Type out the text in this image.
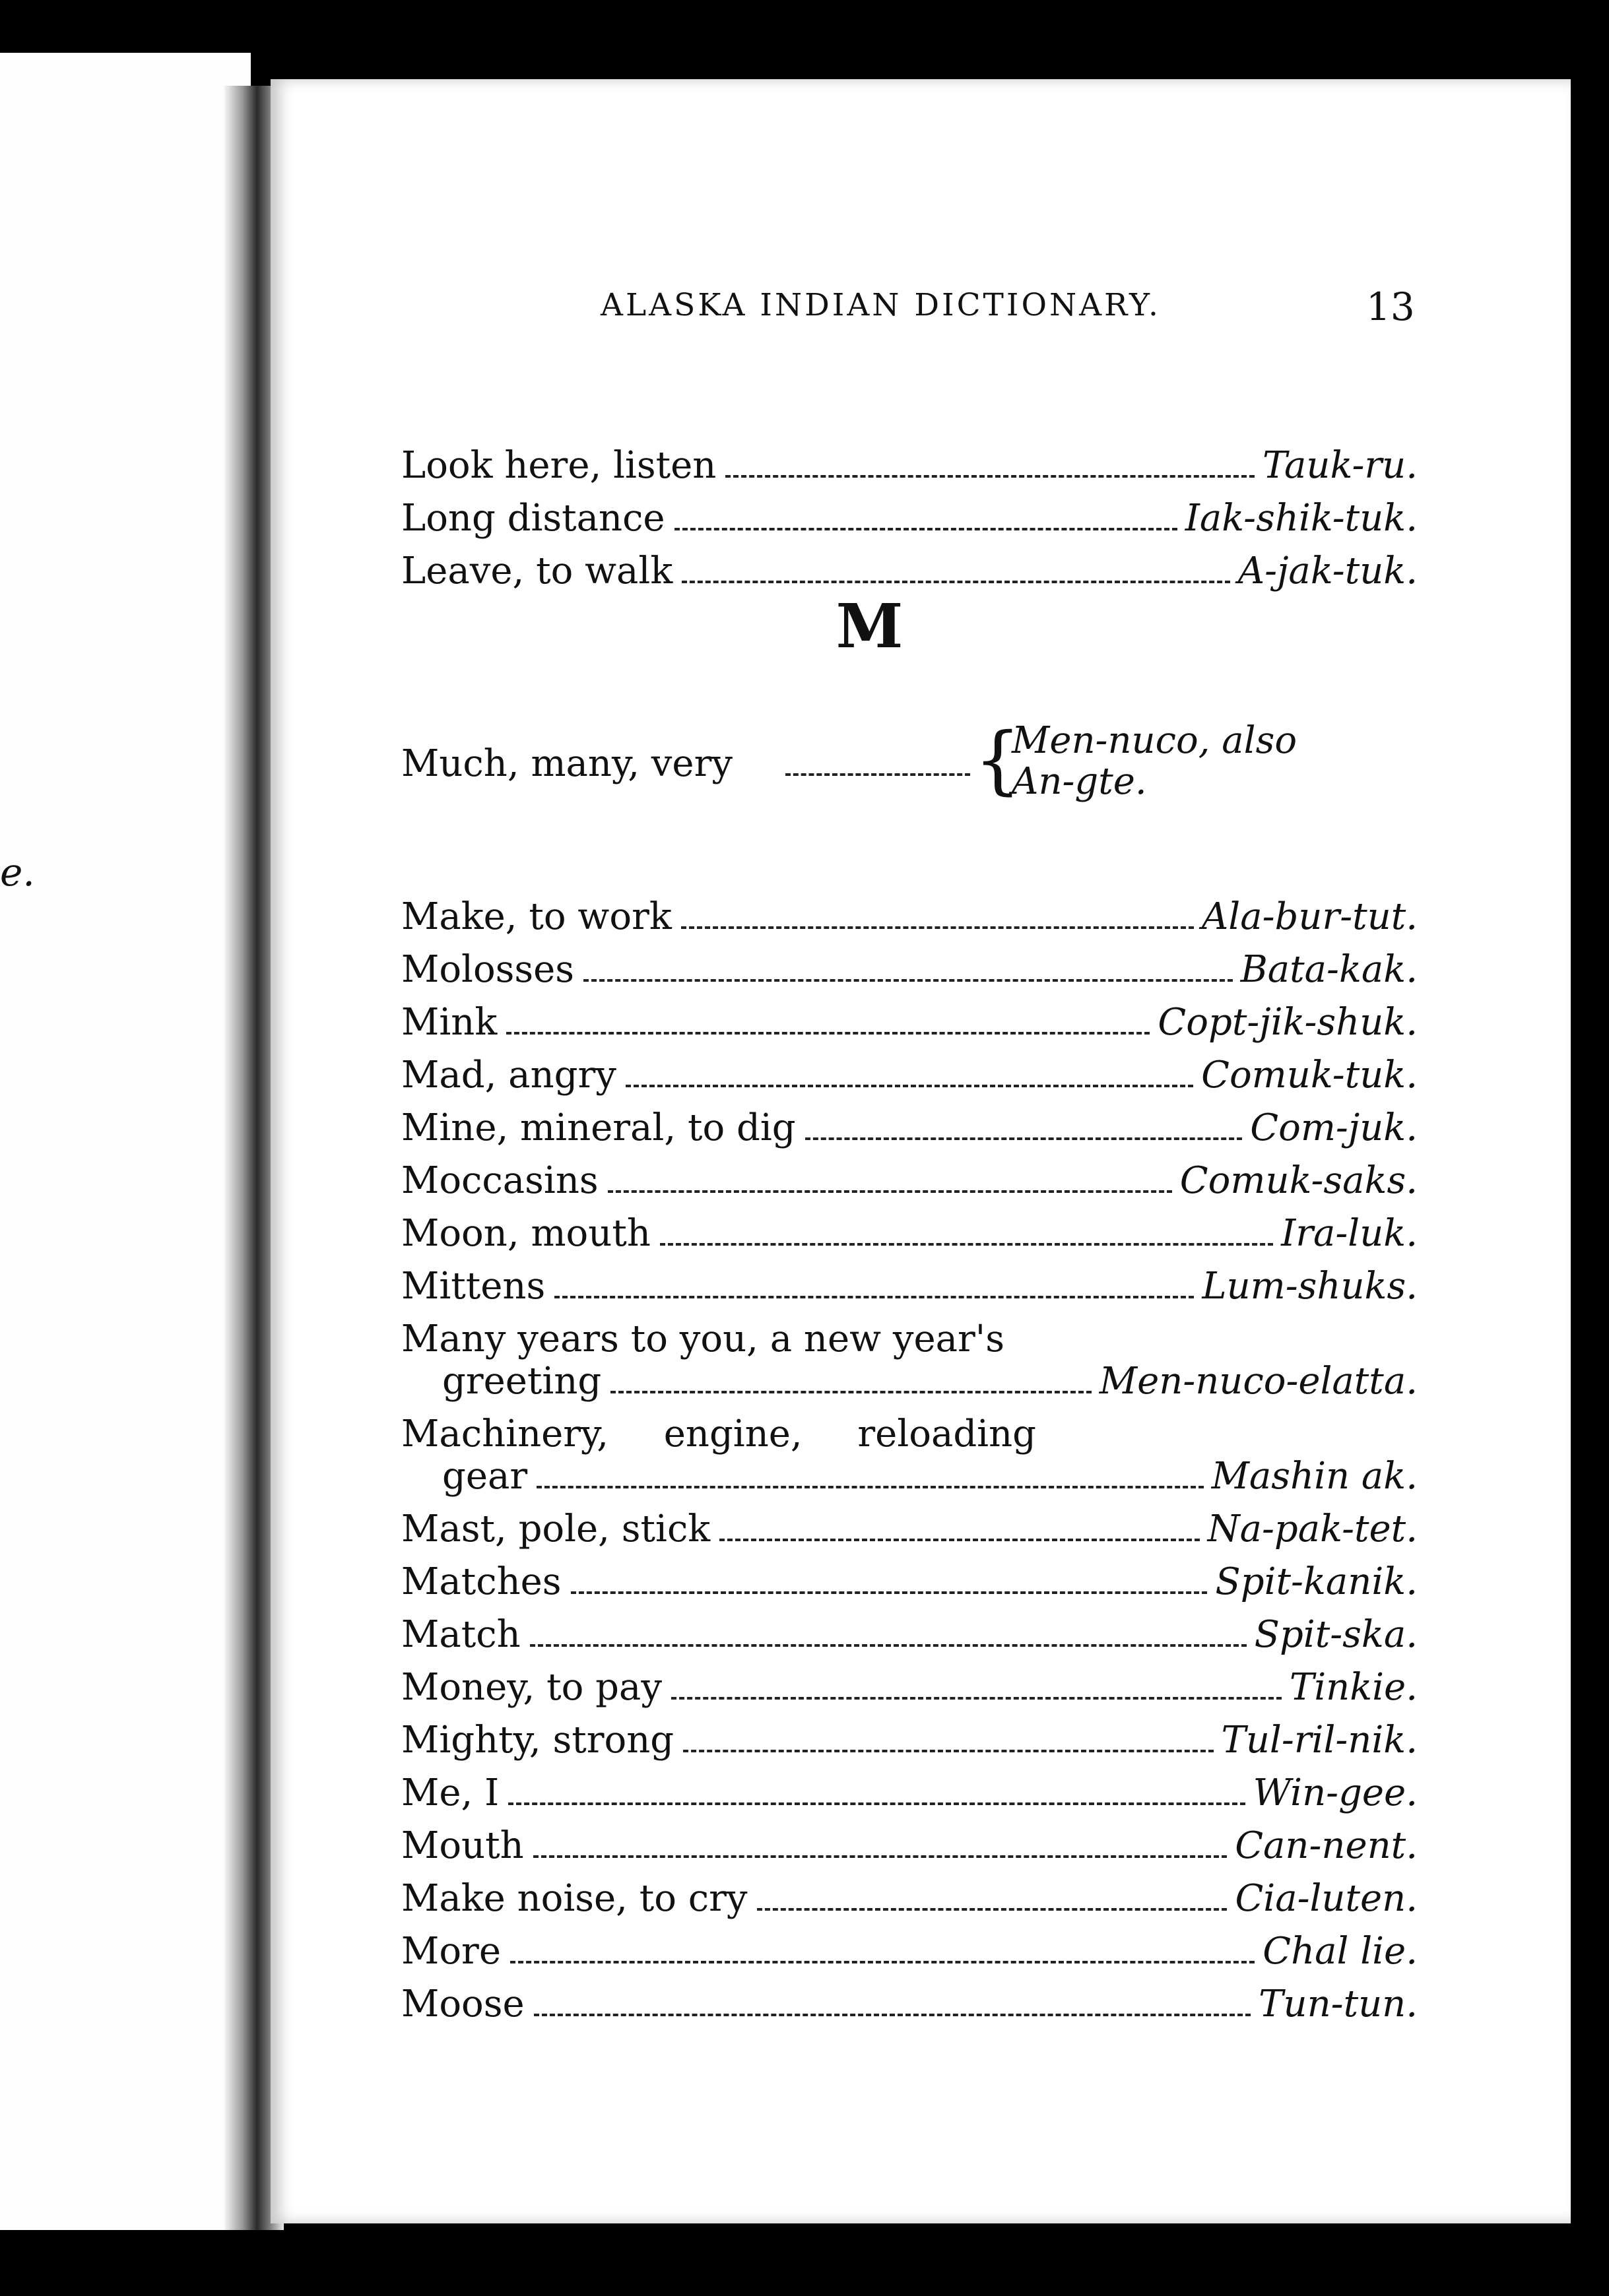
e.
ALASKA INDIAN DICTIONARY.	13
Look here, listen	Tauk-ru.
Long distance	Iak-shik-tuk.
Leave, to walk	A-jak-tuk.
M
Much, many, very	{
Men-nuco, also
An-gte.
Make, to work	Ala-bur-tut.
Molosses	Bata-kak.
Mink	Copt-jik-shuk.
Mad, angry	Comuk-tuk.
Mine, mineral, to dig	Com-juk.
Moccasins	Comuk-saks.
Moon, mouth	Ira-luk.
Mittens	Lum-shuks.
Many years to you, a new year's
greeting	Men-nuco-elatta.
Machinery, engine, reloading
gear	Mashin ak.
Mast, pole, stick	Na-pak-tet.
Matches	Spit-kanik.
Match	Spit-ska.
Money, to pay	Tinkie.
Mighty, strong	Tul-ril-nik.
Me, I	Win-gee.
Mouth	Can-nent.
Make noise, to cry	Cia-luten.
More	Chal lie.
Moose	Tun-tun.
